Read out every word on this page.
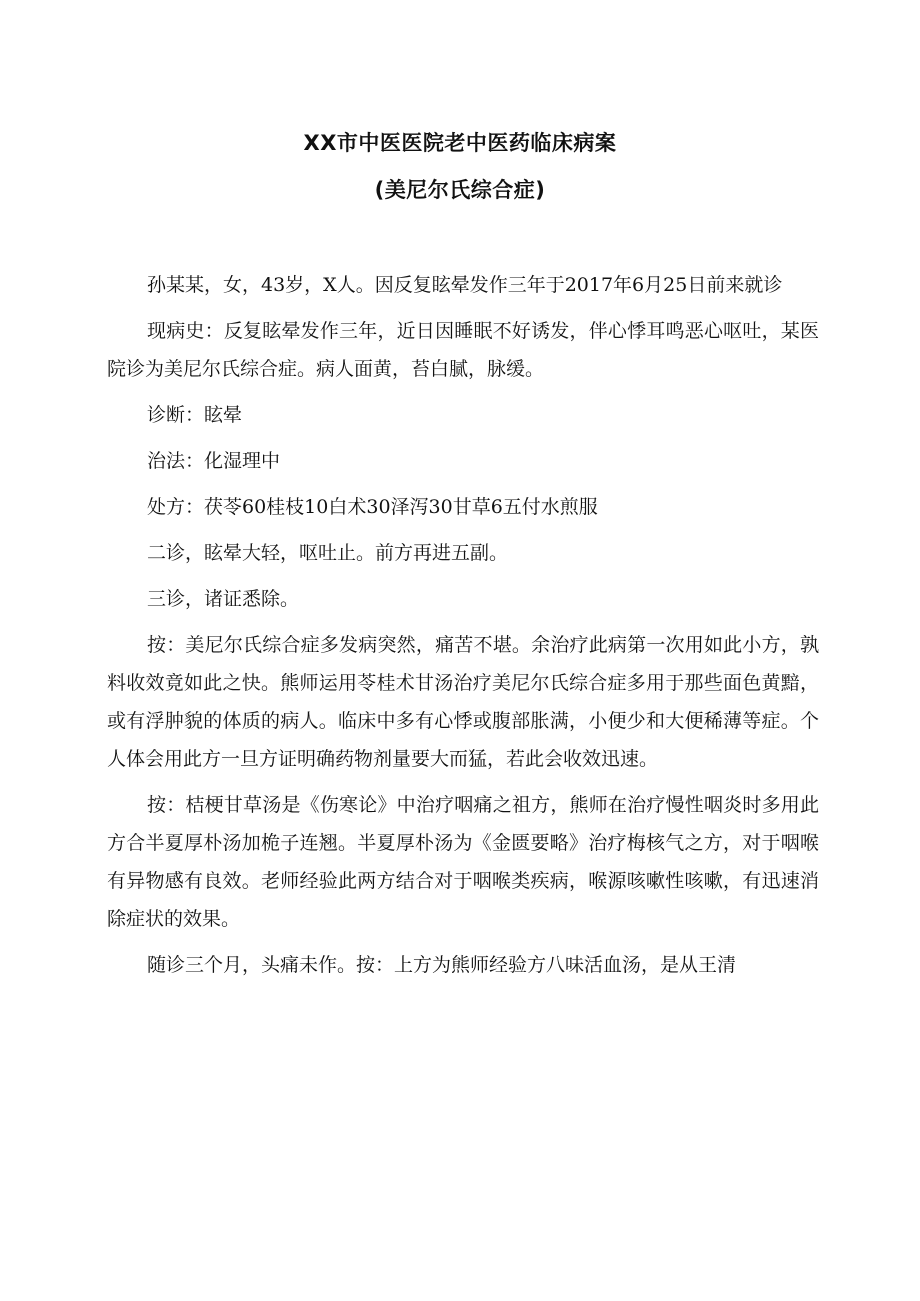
XX市中医医院老中医药临床病案
(美尼尔氏综合症)

孙某某，女，43岁，X人。因反复眩晕发作三年于2017年6月25日前来就诊

现病史：反复眩晕发作三年，近日因睡眠不好诱发，伴心悸耳鸣恶心呕吐，某医院诊为美尼尔氏综合症。病人面黄，苔白腻，脉缓。

诊断：眩晕

治法：化湿理中

处方：茯苓60桂枝10白术30泽泻30甘草6五付水煎服

二诊，眩晕大轻，呕吐止。前方再进五副。

三诊，诸证悉除。

按：美尼尔氏综合症多发病突然，痛苦不堪。余治疗此病第一次用如此小方，孰料收效竟如此之快。熊师运用苓桂术甘汤治疗美尼尔氏综合症多用于那些面色黄黯，或有浮肿貌的体质的病人。临床中多有心悸或腹部胀满，小便少和大便稀薄等症。个人体会用此方一旦方证明确药物剂量要大而猛，若此会收效迅速。

按：桔梗甘草汤是《伤寒论》中治疗咽痛之祖方，熊师在治疗慢性咽炎时多用此方合半夏厚朴汤加桅子连翘。半夏厚朴汤为《金匮要略》治疗梅核气之方，对于咽喉有异物感有良效。老师经验此两方结合对于咽喉类疾病，喉源咳嗽性咳嗽，有迅速消除症状的效果。

随诊三个月，头痛未作。按：上方为熊师经验方八味活血汤，是从王清
